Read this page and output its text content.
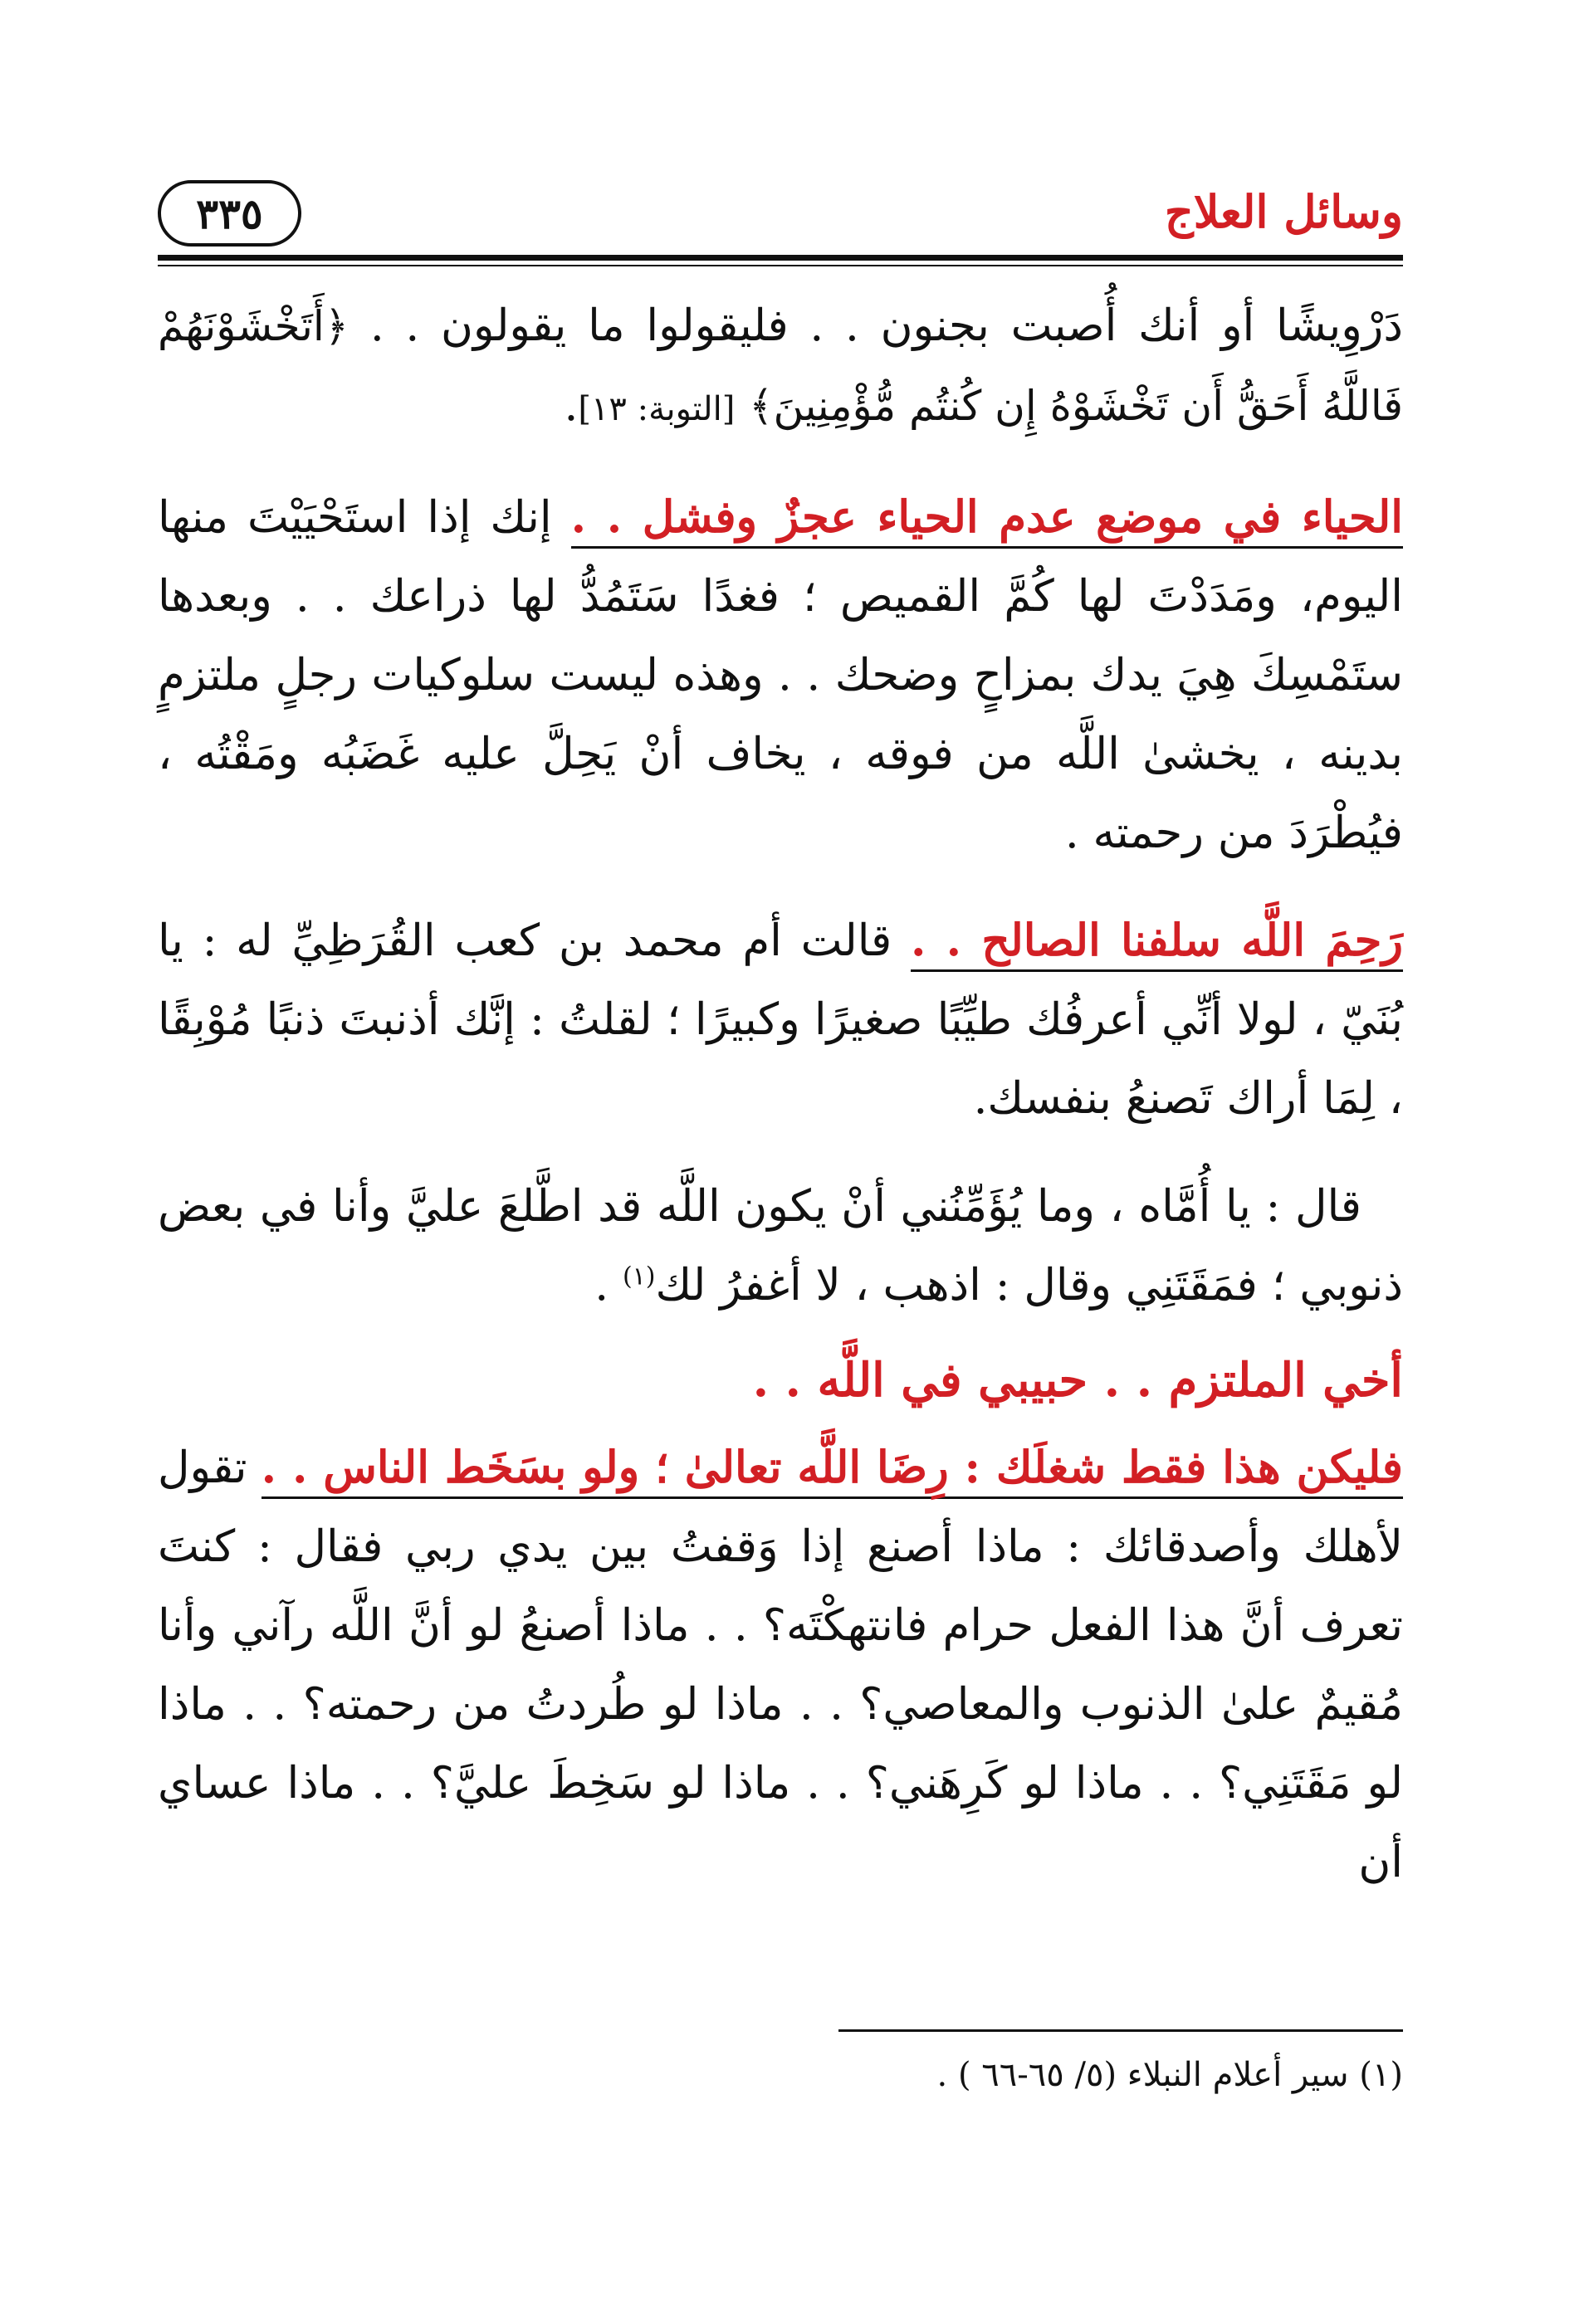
وسائل العلاج
٣٣٥

دَرْوِيشًا أو أنك أُصبت بجنون . . فليقولوا ما يقولون . . ﴿أَتَخْشَوْنَهُمْ فَاللَّهُ أَحَقُّ أَن تَخْشَوْهُ إِن كُنتُم مُّؤْمِنِينَ﴾ [التوبة: ١٣].

الحياء في موضع عدم الحياء عجزٌ وفشل . . إنك إذا استَحْيَيْتَ منها اليوم، ومَدَدْتَ لها كُمَّ القميص ؛ فغدًا سَتَمُدُّ لها ذراعك . . وبعدها ستَمْسِكَ هِيَ يدك بمزاحٍ وضحك . . وهذه ليست سلوكيات رجلٍ ملتزمٍ بدينه ، يخشىٰ اللَّه من فوقه ، يخاف أنْ يَحِلَّ عليه غَضَبُه ومَقْتُه ، فيُطْرَدَ من رحمته .

رَحِمَ اللَّه سلفنا الصالح . . قالت أم محمد بن كعب القُرَظِيِّ له : يا بُنَيّ ، لولا أنِّي أعرفُك طيِّبًا صغيرًا وكبيرًا ؛ لقلتُ : إنَّك أذنبتَ ذنبًا مُوْبِقًا ، لِمَا أراك تَصنعُ بنفسك.

قال : يا أُمَّاه ، وما يُؤَمِّنُني أنْ يكون اللَّه قد اطَّلعَ عليَّ وأنا في بعض ذنوبي ؛ فمَقَتَنِي وقال : اذهب ، لا أغفرُ لك$^{(١)}$ .

أخي الملتزم . . حبيبي في اللَّه . .

فليكن هذا فقط شغلَك : رِضَا اللَّه تعالىٰ ؛ ولو بسَخَط الناس . . تقول لأهلك وأصدقائك : ماذا أصنع إذا وَقفتُ بين يدي ربي فقال : كنتَ تعرف أنَّ هذا الفعل حرام فانتهكْتَه؟ . . ماذا أصنعُ لو أنَّ اللَّه رآني وأنا مُقيمٌ علىٰ الذنوب والمعاصي؟ . . ماذا لو طُردتُ من رحمته؟ . . ماذا لو مَقَتَنِي؟ . . ماذا لو كَرِهَني؟ . . ماذا لو سَخِطَ عليَّ؟ . . ماذا عساي أن

(١) سير أعلام النبلاء (٥/ ٦٥-٦٦ ) .
